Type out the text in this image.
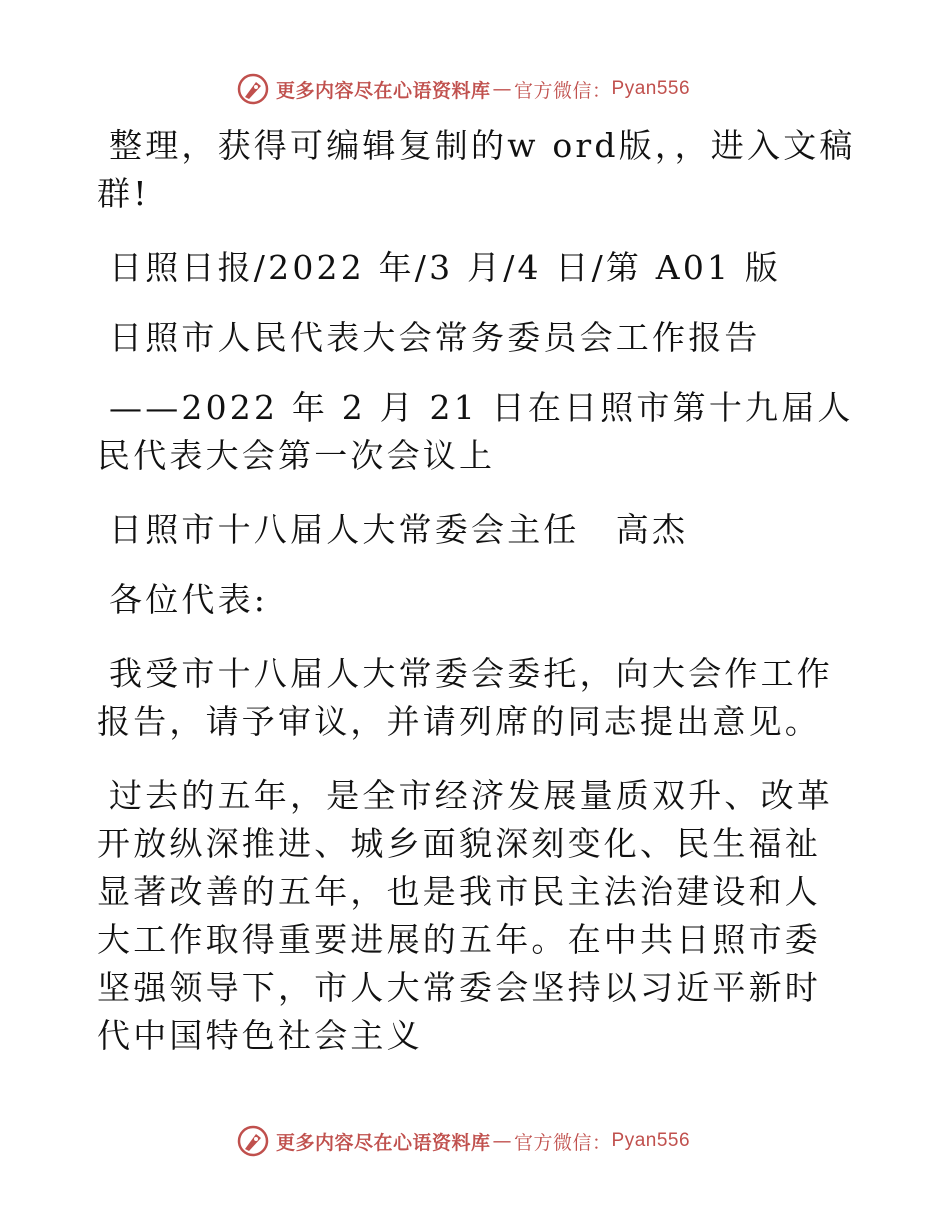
更多内容尽在心语资料库 — 官方微信： Pyan556

整理，获得可编辑复制的w ord版，，进入文稿群!

日照日报/2022 年/3 月/4 日/第 A01 版

日照市人民代表大会常务委员会工作报告

——2022 年 2 月 21 日在日照市第十九届人民代表大会第一次会议上

日照市十八届人大常委会主任　高杰

各位代表:

我受市十八届人大常委会委托，向大会作工作报告，请予审议，并请列席的同志提出意见。

过去的五年，是全市经济发展量质双升、改革开放纵深推进、城乡面貌深刻变化、民生福祉显著改善的五年，也是我市民主法治建设和人大工作取得重要进展的五年。在中共日照市委坚强领导下，市人大常委会坚持以习近平新时代中国特色社会主义

更多内容尽在心语资料库 — 官方微信： Pyan556
